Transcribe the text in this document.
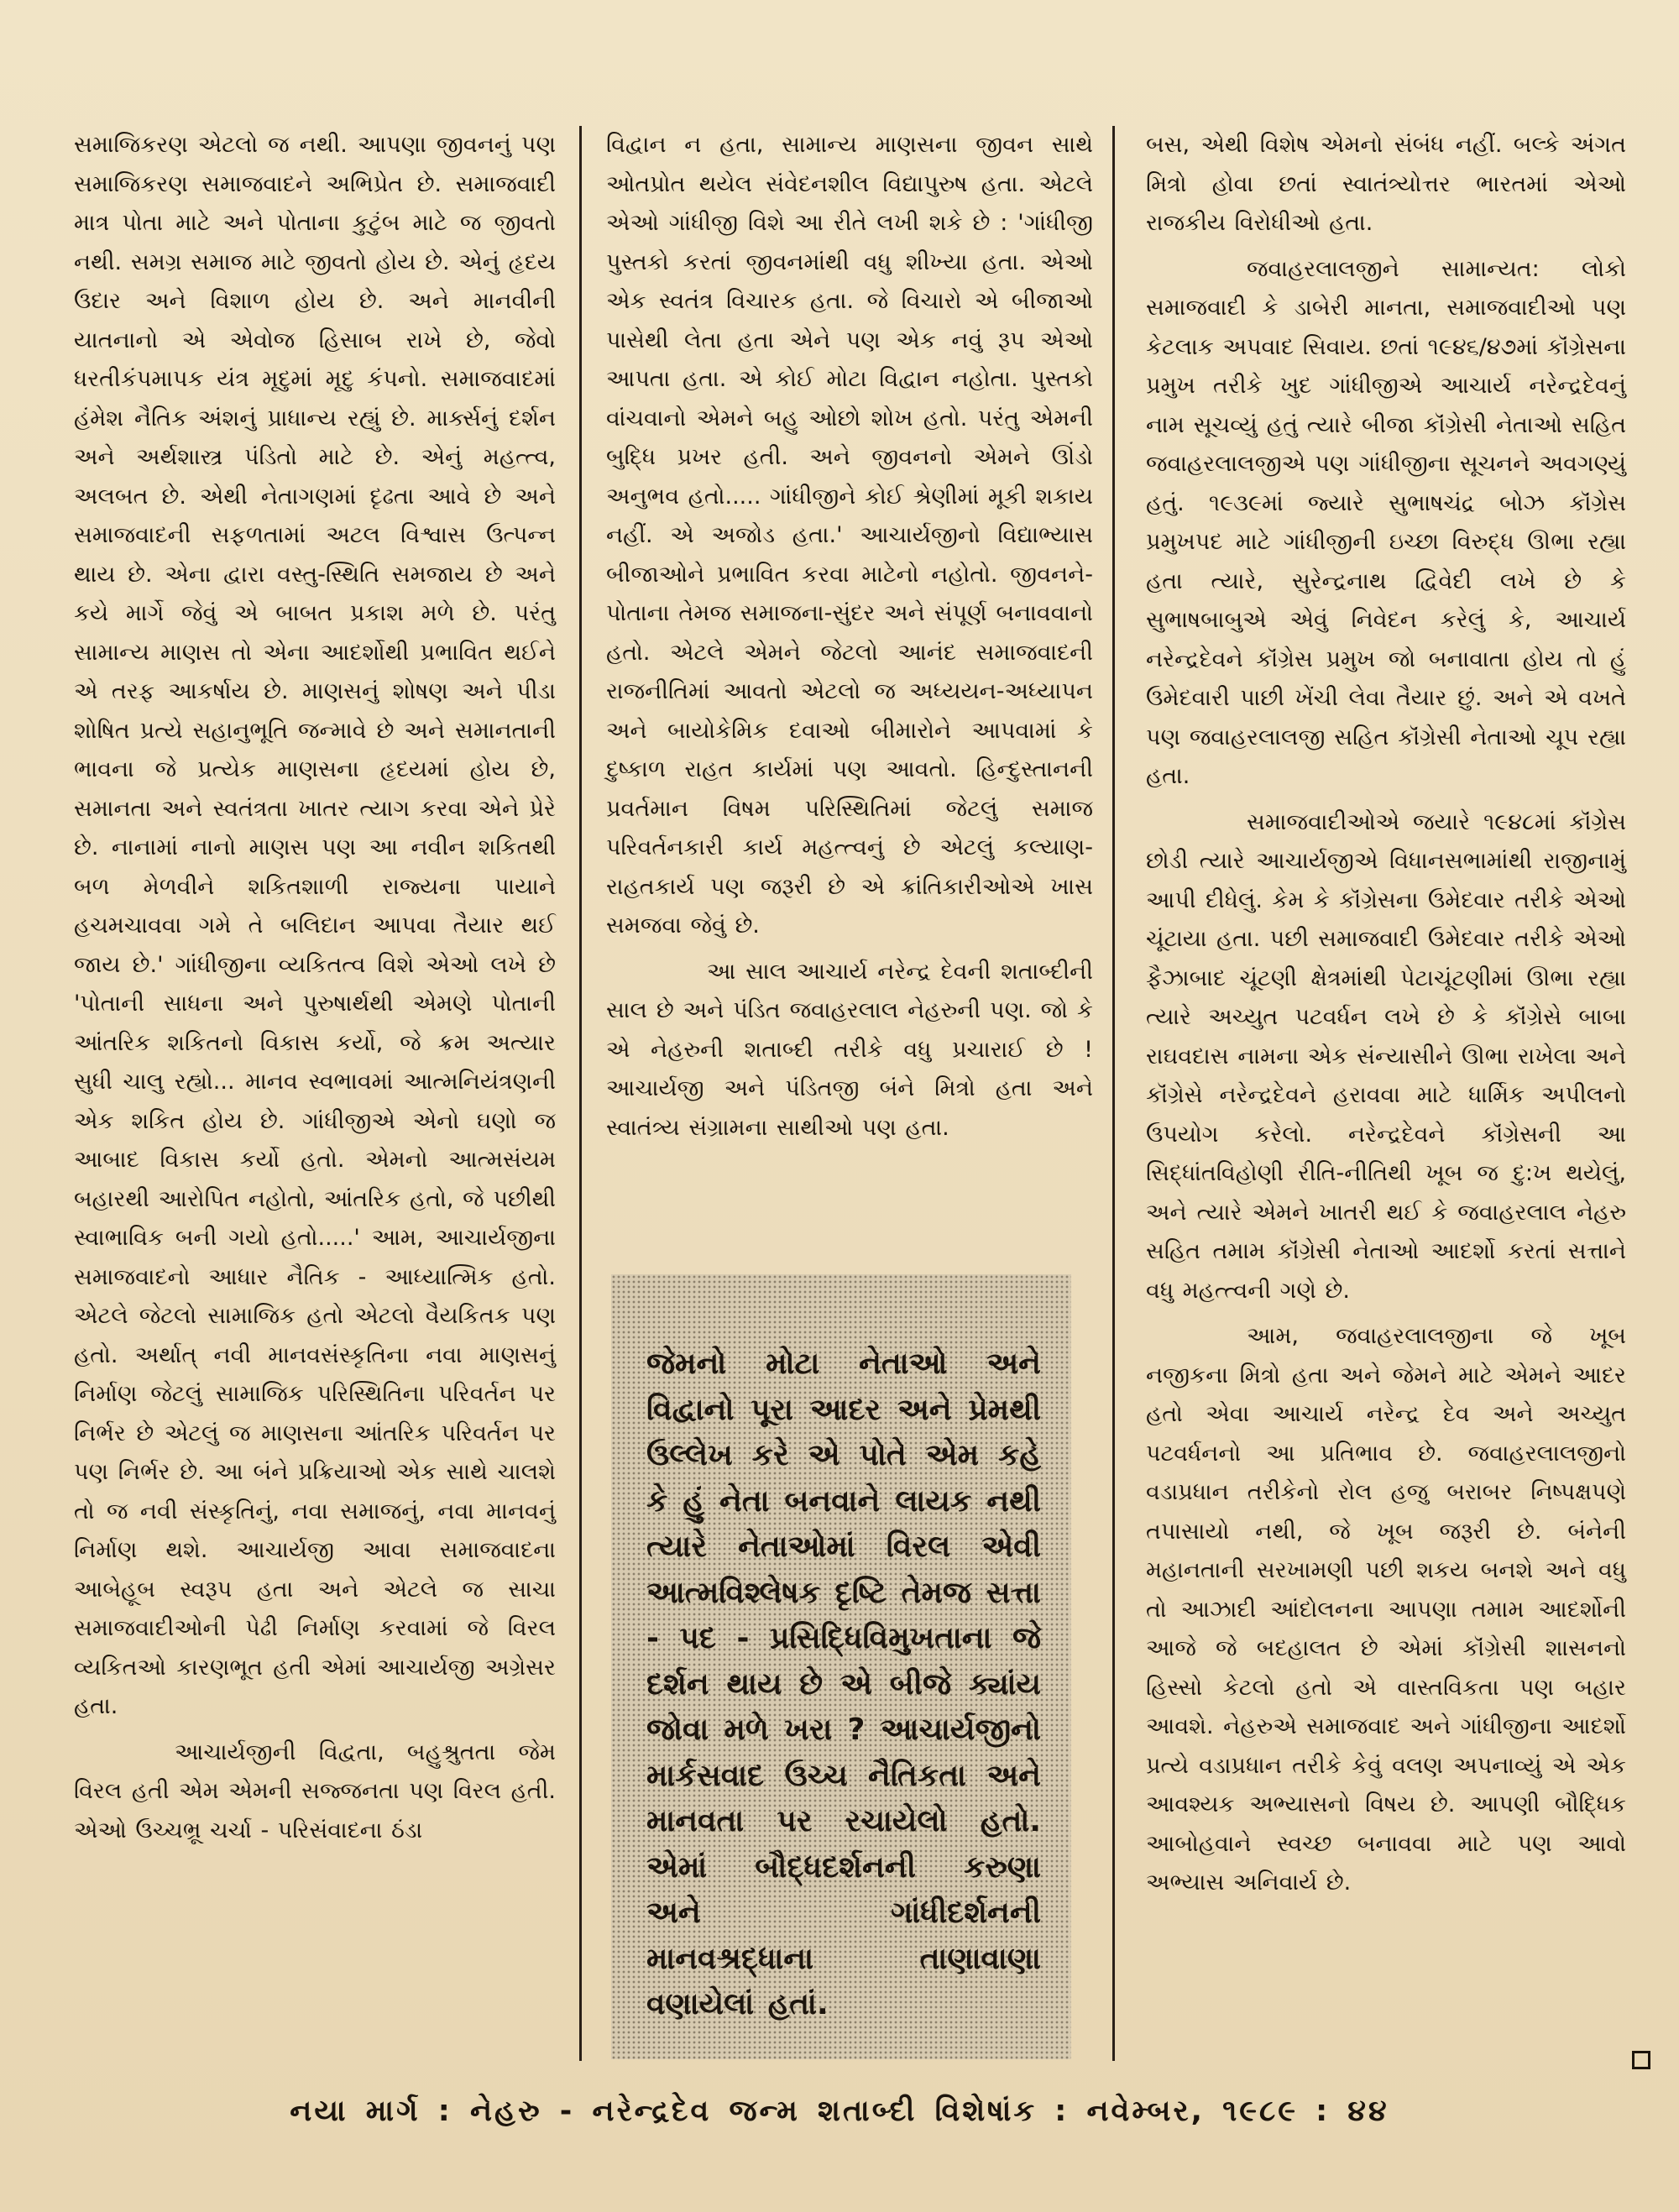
સમાજિકરણ એટલો જ નથી. આપણા જીવનનું પણ સમાજિકરણ સમાજવાદને અભિપ્રેત છે. સમાજવાદી માત્ર પોતા માટે અને પોતાના કુટુંબ માટે જ જીવતો નથી. સમગ્ર સમાજ માટે જીવતો હોય છે. એનું હૃદય ઉદાર અને વિશાળ હોય છે. અને માનવીની યાતનાનો એ એવોજ હિસાબ રાખે છે, જેવો ધરતીકંપમાપક યંત્ર મૃદુમાં મૃદુ કંપનો. સમાજવાદમાં હંમેશ નૈતિક અંશનું પ્રાધાન્ય રહ્યું છે. માર્ક્સનું દર્શન અને અર્થશાસ્ત્ર પંડિતો માટે છે. એનું મહત્ત્વ, અલબત છે. એથી નેતાગણમાં દૃઢતા આવે છે અને સમાજવાદની સફળતામાં અટલ વિશ્વાસ ઉત્પન્ન થાય છે. એના દ્વારા વસ્તુ-સ્થિતિ સમજાય છે અને કયે માર્ગે જેવું એ બાબત પ્રકાશ મળે છે. પરંતુ સામાન્ય માણસ તો એના આદર્શોથી પ્રભાવિત થઈને એ તરફ આકર્ષાય છે. માણસનું શોષણ અને પીડા શોષિત પ્રત્યે સહાનુભૂતિ જન્માવે છે અને સમાનતાની ભાવના જે પ્રત્યેક માણસના હૃદયમાં હોય છે, સમાનતા અને સ્વતંત્રતા ખાતર ત્યાગ કરવા એને પ્રેરે છે. નાનામાં નાનો માણસ પણ આ નવીન શકિતથી બળ મેળવીને શકિતશાળી રાજ્યના પાયાને હચમચાવવા ગમે તે બલિદાન આપવા તૈયાર થઈ જાય છે.' ગાંધીજીના વ્યકિતત્વ વિશે એઓ લખે છે 'પોતાની સાધના અને પુરુષાર્થથી એમણે પોતાની આંતરિક શકિતનો વિકાસ કર્યો, જે ક્રમ અત્યાર સુધી ચાલુ રહ્યો... માનવ સ્વભાવમાં આત્મનિયંત્રણની એક શકિત હોય છે. ગાંધીજીએ એનો ઘણો જ આબાદ વિકાસ કર્યો હતો. એમનો આત્મસંયમ બહારથી આરોપિત નહોતો, આંતરિક હતો, જે પછીથી સ્વાભાવિક બની ગયો હતો.....' આમ, આચાર્યજીના સમાજવાદનો આધાર નૈતિક - આધ્યાત્મિક હતો. એટલે જેટલો સામાજિક હતો એટલો વૈયકિતક પણ હતો. અર્થાત્ નવી માનવસંસ્કૃતિના નવા માણસનું નિર્માણ જેટલું સામાજિક પરિસ્થિતિના પરિવર્તન પર નિર્ભર છે એટલું જ માણસના આંતરિક પરિવર્તન પર પણ નિર્ભર છે. આ બંને પ્રક્રિયાઓ એક સાથે ચાલશે તો જ નવી સંસ્કૃતિનું, નવા સમાજનું, નવા માનવનું નિર્માણ થશે. આચાર્યજી આવા સમાજવાદના આબેહૂબ સ્વરૂપ હતા અને એટલે જ સાચા સમાજવાદીઓની પેઢી નિર્માણ કરવામાં જે વિરલ વ્યકિતઓ કારણભૂત હતી એમાં આચાર્યજી અગ્રેસર હતા.

આચાર્યજીની વિદ્વતા, બહુશ્રુતતા જેમ વિરલ હતી એમ એમની સજ્જનતા પણ વિરલ હતી. એઓ ઉચ્ચભ્રૂ ચર્ચા - પરિસંવાદના ઠંડા

વિદ્વાન ન હતા, સામાન્ય માણસના જીવન સાથે ઓતપ્રોત થયેલ સંવેદનશીલ વિદ્યાપુરુષ હતા. એટલે એઓ ગાંધીજી વિશે આ રીતે લખી શકે છે : 'ગાંધીજી પુસ્તકો કરતાં જીવનમાંથી વધુ શીખ્યા હતા. એઓ એક સ્વતંત્ર વિચારક હતા. જે વિચારો એ બીજાઓ પાસેથી લેતા હતા એને પણ એક નવું રૂપ એઓ આપતા હતા. એ કોઈ મોટા વિદ્વાન નહોતા. પુસ્તકો વાંચવાનો એમને બહુ ઓછો શોખ હતો. પરંતુ એમની બુદ્ધિ પ્રખર હતી. અને જીવનનો એમને ઊંડો અનુભવ હતો..... ગાંધીજીને કોઈ શ્રેણીમાં મૂકી શકાય નહીં. એ અજોડ હતા.' આચાર્યજીનો વિદ્યાભ્યાસ બીજાઓને પ્રભાવિત કરવા માટેનો નહોતો. જીવનને-પોતાના તેમજ સમાજના-સુંદર અને સંપૂર્ણ બનાવવાનો હતો. એટલે એમને જેટલો આનંદ સમાજવાદની રાજનીતિમાં આવતો એટલો જ અધ્યયન-અધ્યાપન અને બાયોકેમિક દવાઓ બીમારોને આપવામાં કે દુષ્કાળ રાહત કાર્યમાં પણ આવતો. હિન્દુસ્તાનની પ્રવર્તમાન વિષમ પરિસ્થિતિમાં જેટલું સમાજ પરિવર્તનકારી કાર્ય મહત્ત્વનું છે એટલું કલ્યાણ-રાહતકાર્ય પણ જરૂરી છે એ ક્રાંતિકારીઓએ ખાસ સમજવા જેવું છે.

આ સાલ આચાર્ય નરેન્દ્ર દેવની શતાબ્દીની સાલ છે અને પંડિત જવાહરલાલ નેહરુની પણ. જો કે એ નેહરુની શતાબ્દી તરીકે વધુ પ્રચારાઈ છે ! આચાર્યજી અને પંડિતજી બંને મિત્રો હતા અને સ્વાતંત્ર્ય સંગ્રામના સાથીઓ પણ હતા.

જેમનો મોટા નેતાઓ અને વિદ્વાનો પૂરા આદર અને પ્રેમથી ઉલ્લેખ કરે એ પોતે એમ કહે કે હું નેતા બનવાને લાયક નથી ત્યારે નેતાઓમાં વિરલ એવી આત્મવિશ્લેષક દૃષ્ટિ તેમજ સત્તા - પદ - પ્રસિદ્ધિવિમુખતાના જે દર્શન થાય છે એ બીજે ક્યાંય જોવા મળે ખરા ? આચાર્યજીનો માર્કસવાદ ઉચ્ચ નૈતિકતા અને માનવતા પર રચાયેલો હતો. એમાં બૌદ્ધદર્શનની કરુણા અને ગાંધીદર્શનની માનવશ્રદ્ધાના તાણાવાણા વણાયેલાં હતાં.

બસ, એથી વિશેષ એમનો સંબંધ નહીં. બલ્કે અંગત મિત્રો હોવા છતાં સ્વાતંત્ર્યોત્તર ભારતમાં એઓ રાજકીય વિરોધીઓ હતા.

જવાહરલાલજીને સામાન્યત: લોકો સમાજવાદી કે ડાબેરી માનતા, સમાજવાદીઓ પણ કેટલાક અપવાદ સિવાય. છતાં ૧૯૪૬/૪૭માં કૉંગ્રેસના પ્રમુખ તરીકે ખુદ ગાંધીજીએ આચાર્ય નરેન્દ્રદેવનું નામ સૂચવ્યું હતું ત્યારે બીજા કૉંગ્રેસી નેતાઓ સહિત જવાહરલાલજીએ પણ ગાંધીજીના સૂચનને અવગણ્યું હતું. ૧૯૩૯માં જ્યારે સુભાષચંદ્ર બોઝ કૉંગ્રેસ પ્રમુખપદ માટે ગાંધીજીની ઇચ્છા વિરુદ્ધ ઊભા રહ્યા હતા ત્યારે, સુરેન્દ્રનાથ દ્વિવેદી લખે છે કે સુભાષબાબુએ એવું નિવેદન કરેલું કે, આચાર્ય નરેન્દ્રદેવને કૉંગ્રેસ પ્રમુખ જો બનાવાતા હોય તો હું ઉમેદવારી પાછી ખેંચી લેવા તૈયાર છું. અને એ વખતે પણ જવાહરલાલજી સહિત કૉંગ્રેસી નેતાઓ ચૂપ રહ્યા હતા.

સમાજવાદીઓએ જયારે ૧૯૪૮માં કૉંગ્રેસ છોડી ત્યારે આચાર્યજીએ વિધાનસભામાંથી રાજીનામું આપી દીધેલું. કેમ કે કૉંગ્રેસના ઉમેદવાર તરીકે એઓ ચૂંટાયા હતા. પછી સમાજવાદી ઉમેદવાર તરીકે એઓ ફૈઝાબાદ ચૂંટણી ક્ષેત્રમાંથી પેટાચૂંટણીમાં ઊભા રહ્યા ત્યારે અચ્યુત પટવર્ધન લખે છે કે કૉંગ્રેસે બાબા રાઘવદાસ નામના એક સંન્યાસીને ઊભા રાખેલા અને કૉંગ્રેસે નરેન્દ્રદેવને હરાવવા માટે ધાર્મિક અપીલનો ઉપયોગ કરેલો. નરેન્દ્રદેવને કૉંગ્રેસની આ સિદ્ધાંતવિહોણી રીતિ-નીતિથી ખૂબ જ દુ:ખ થયેલું, અને ત્યારે એમને ખાતરી થઈ કે જવાહરલાલ નેહરુ સહિત તમામ કૉંગ્રેસી નેતાઓ આદર્શો કરતાં સત્તાને વધુ મહત્ત્વની ગણે છે.

આમ, જવાહરલાલજીના જે ખૂબ નજીકના મિત્રો હતા અને જેમને માટે એમને આદર હતો એવા આચાર્ય નરેન્દ્ર દેવ અને અચ્યુત પટવર્ધનનો આ પ્રતિભાવ છે. જવાહરલાલજીનો વડાપ્રધાન તરીકેનો રોલ હજુ બરાબર નિષ્પક્ષપણે તપાસાયો નથી, જે ખૂબ જરૂરી છે. બંનેની મહાનતાની સરખામણી પછી શકય બનશે અને વધુ તો આઝાદી આંદોલનના આપણા તમામ આદર્શોની આજે જે બદહાલત છે એમાં કૉંગ્રેસી શાસનનો હિસ્સો કેટલો હતો એ વાસ્તવિકતા પણ બહાર આવશે. નેહરુએ સમાજવાદ અને ગાંધીજીના આદર્શો પ્રત્યે વડાપ્રધાન તરીકે કેવું વલણ અપનાવ્યું એ એક આવશ્યક અભ્યાસનો વિષય છે. આપણી બૌદ્ધિક આબોહવાને સ્વચ્છ બનાવવા માટે પણ આવો અભ્યાસ અનિવાર્ય છે.

નયા માર્ગ : નેહરુ - નરેન્દ્રદેવ જન્મ શતાબ્દી વિશેષાંક : નવેમ્બર, ૧૯૮૯ : ૪૪
